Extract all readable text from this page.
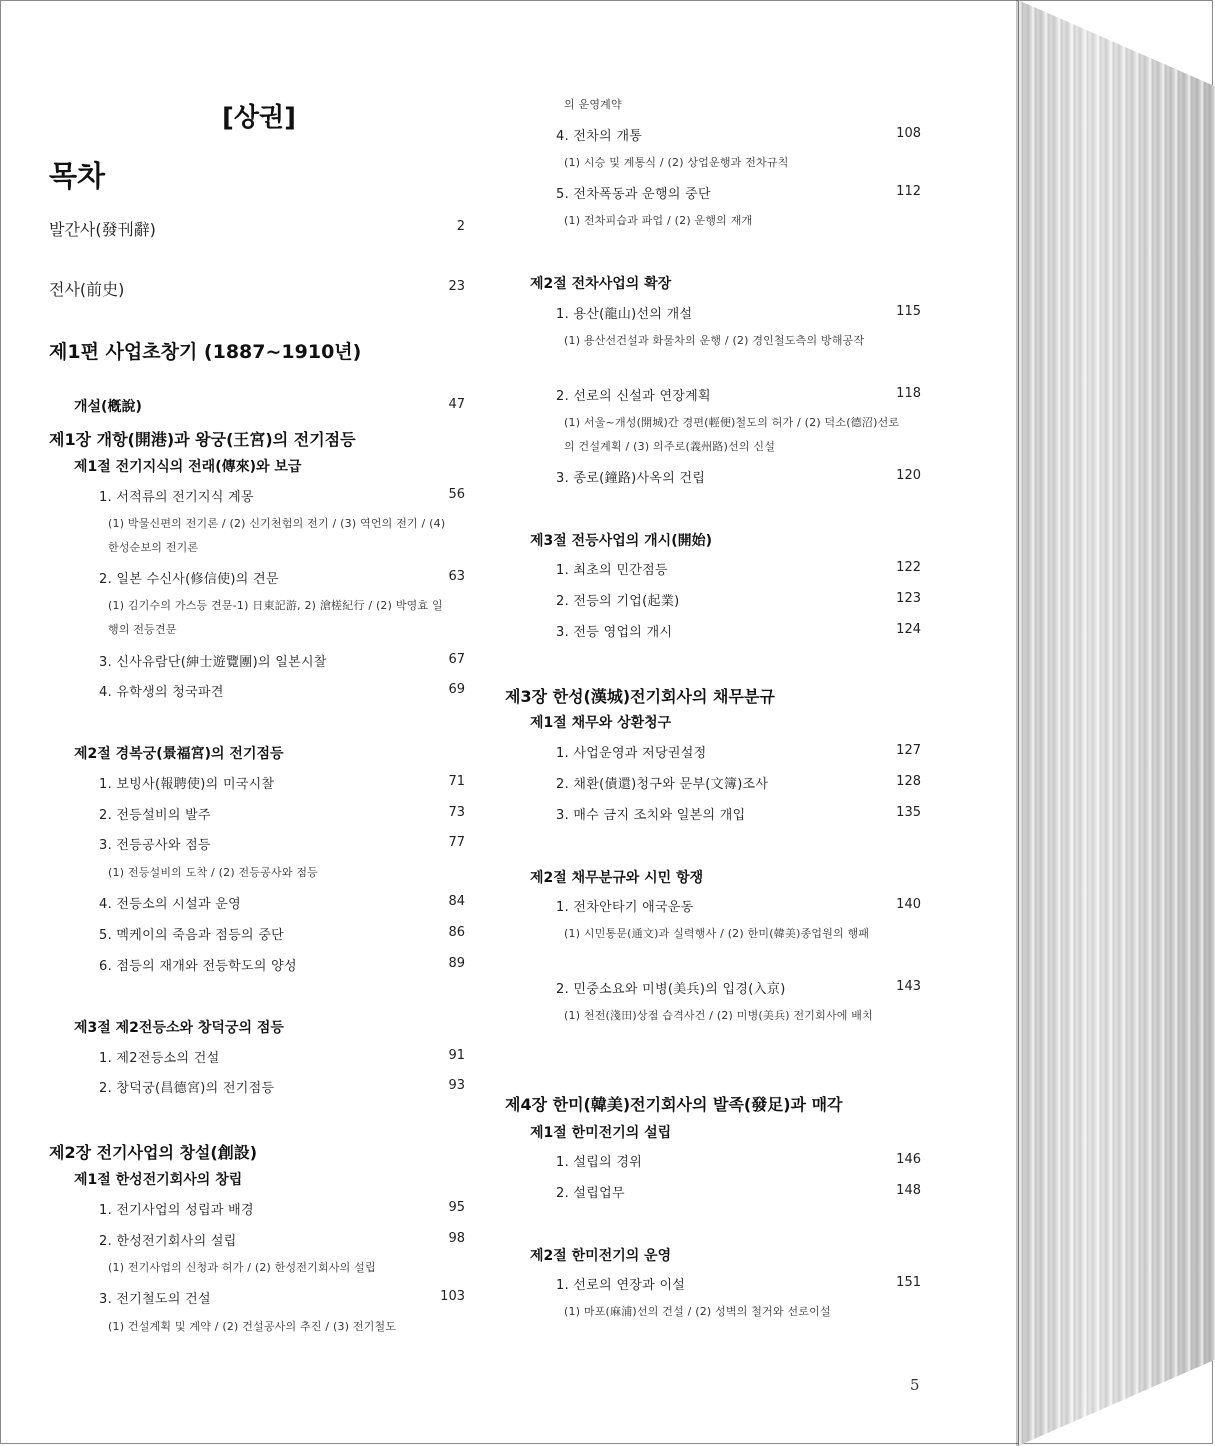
[상권]
목차
발간사(發刊辭)	2
전사(前史)	23
제1편 사업초창기 (1887~1910년)
개설(槪說)	47
제1장 개항(開港)과 왕궁(王宮)의 전기점등
제1절 전기지식의 전래(傳來)와 보급
1. 서적류의 전기지식 계몽	56
(1) 박물신편의 전기론 / (2) 신기천험의 전기 / (3) 역언의 전기 / (4) 한성순보의 전기론
2. 일본 수신사(修信使)의 견문	63
(1) 김기수의 가스등 견문-1) 日東記游, 2) 滄槎紀行 / (2) 박영효 일행의 전등견문
3. 신사유람단(紳士遊覽團)의 일본시찰	67
4. 유학생의 청국파견	69
제2절 경복궁(景福宮)의 전기점등
1. 보빙사(報聘使)의 미국시찰	71
2. 전등설비의 발주	73
3. 전등공사와 점등	77
(1) 전등설비의 도착 / (2) 전등공사와 점등
4. 전등소의 시설과 운영	84
5. 멕케이의 죽음과 점등의 중단	86
6. 점등의 재개와 전등학도의 양성	89
제3절 제2전등소와 창덕궁의 점등
1. 제2전등소의 건설	91
2. 창덕궁(昌德宮)의 전기점등	93
제2장 전기사업의 창설(創設)
제1절 한성전기회사의 창립
1. 전기사업의 성립과 배경	95
2. 한성전기회사의 설립	98
(1) 전기사업의 신청과 허가 / (2) 한성전기회사의 설립
3. 전기철도의 건설	103
(1) 건설계획 및 계약 / (2) 건설공사의 추진 / (3) 전기철도
의 운영계약
4. 전차의 개통	108
(1) 시승 및 계통식 / (2) 상업운행과 전차규칙
5. 전차폭동과 운행의 중단	112
(1) 전차피습과 파업 / (2) 운행의 재개
제2절 전차사업의 확장
1. 용산(龍山)선의 개설	115
(1) 용산선건설과 화물차의 운행 / (2) 경인철도측의 방해공작
2. 선로의 신설과 연장계획	118
(1) 서울~개성(開城)간 경편(輕便)철도의 허가 / (2) 덕소(德沼)선로의 건설계획 / (3) 의주로(義州路)선의 신설
3. 종로(鐘路)사옥의 건립	120
제3절 전등사업의 개시(開始)
1. 최초의 민간점등	122
2. 전등의 기업(起業)	123
3. 전등 영업의 개시	124
제3장 한성(漢城)전기회사의 채무분규
제1절 채무와 상환청구
1. 사업운영과 저당권설정	127
2. 채환(債還)청구와 문부(文簿)조사	128
3. 매수 금지 조치와 일본의 개입	135
제2절 채무분규와 시민 항쟁
1. 전차안타기 애국운동	140
(1) 시민통문(通文)과 실력행사 / (2) 한미(韓美)종업원의 행패
2. 민중소요와 미병(美兵)의 입경(入京)	143
(1) 천전(淺田)상점 습격사건 / (2) 미병(美兵) 전기회사에 배치
제4장 한미(韓美)전기회사의 발족(發足)과 매각
제1절 한미전기의 설립
1. 설립의 경위	146
2. 설립업무	148
제2절 한미전기의 운영
1. 선로의 연장과 이설	151
(1) 마포(麻浦)선의 건설 / (2) 성벽의 철거와 선로이설
5
